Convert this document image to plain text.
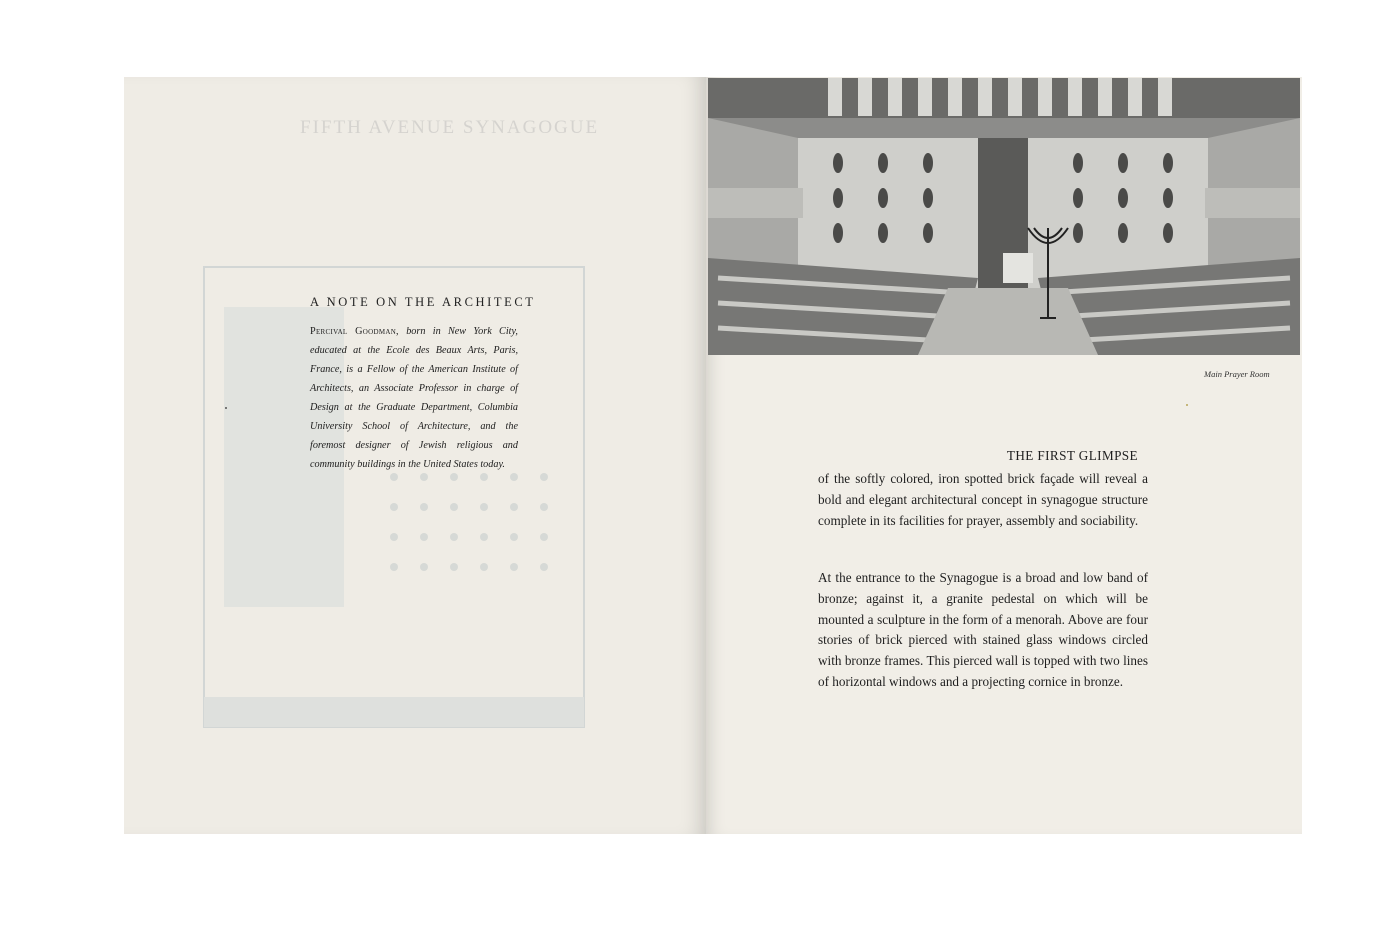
FIFTH AVENUE SYNAGOGUE
A NOTE ON THE ARCHITECT
Percival Goodman, born in New York City, educated at the Ecole des Beaux Arts, Paris, France, is a Fellow of the American Institute of Architects, an Associate Professor in charge of Design at the Graduate Department, Columbia University School of Architecture, and the foremost designer of Jewish religious and community buildings in the United States today.
Main Prayer Room
THE FIRST GLIMPSE
of the softly colored, iron spotted brick façade will reveal a bold and elegant architectural concept in synagogue structure complete in its facilities for prayer, assembly and sociability.
At the entrance to the Synagogue is a broad and low band of bronze; against it, a granite pedestal on which will be mounted a sculpture in the form of a menorah. Above are four stories of brick pierced with stained glass windows circled with bronze frames. This pierced wall is topped with two lines of horizontal windows and a projecting cornice in bronze.
